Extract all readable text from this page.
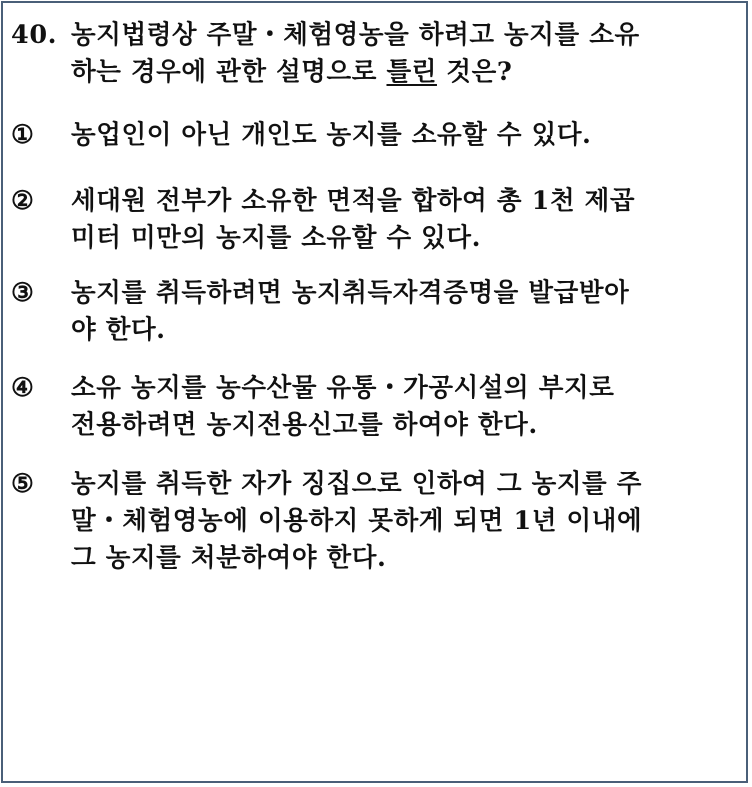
40. 농지법령상 주말・체험영농을 하려고 농지를 소유
하는 경우에 관한 설명으로 틀린 것은?
①	농업인이 아닌 개인도 농지를 소유할 수 있다.
②	세대원 전부가 소유한 면적을 합하여 총 1천 제곱
미터 미만의 농지를 소유할 수 있다.
③	농지를 취득하려면 농지취득자격증명을 발급받아
야 한다.
④	소유 농지를 농수산물 유통・가공시설의 부지로
전용하려면 농지전용신고를 하여야 한다.
⑤	농지를 취득한 자가 징집으로 인하여 그 농지를 주
말・체험영농에 이용하지 못하게 되면 1년 이내에
그 농지를 처분하여야 한다.
